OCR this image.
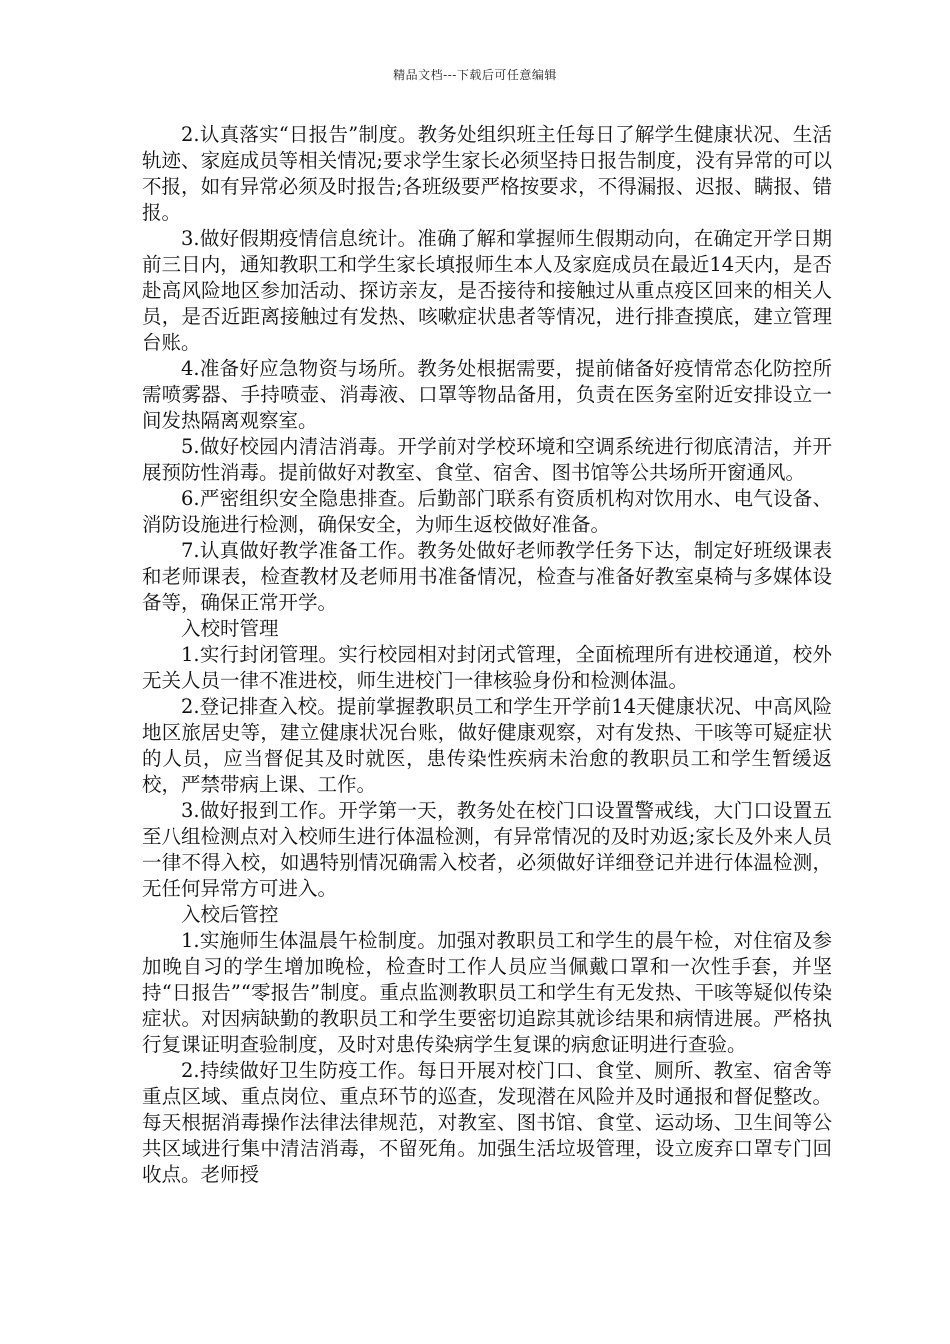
精品文档---下载后可任意编辑

2.认真落实“日报告”制度。教务处组织班主任每日了解学生健康状况、生活轨迹、家庭成员等相关情况;要求学生家长必须坚持日报告制度，没有异常的可以不报，如有异常必须及时报告;各班级要严格按要求，不得漏报、迟报、瞒报、错报。

3.做好假期疫情信息统计。准确了解和掌握师生假期动向，在确定开学日期前三日内，通知教职工和学生家长填报师生本人及家庭成员在最近14天内，是否赴高风险地区参加活动、探访亲友，是否接待和接触过从重点疫区回来的相关人员，是否近距离接触过有发热、咳嗽症状患者等情况，进行排查摸底，建立管理台账。

4.准备好应急物资与场所。教务处根据需要，提前储备好疫情常态化防控所需喷雾器、手持喷壶、消毒液、口罩等物品备用，负责在医务室附近安排设立一间发热隔离观察室。

5.做好校园内清洁消毒。开学前对学校环境和空调系统进行彻底清洁，并开展预防性消毒。提前做好对教室、食堂、宿舍、图书馆等公共场所开窗通风。

6.严密组织安全隐患排查。后勤部门联系有资质机构对饮用水、电气设备、消防设施进行检测，确保安全，为师生返校做好准备。

7.认真做好教学准备工作。教务处做好老师教学任务下达，制定好班级课表和老师课表，检查教材及老师用书准备情况，检查与准备好教室桌椅与多媒体设备等，确保正常开学。

入校时管理

1.实行封闭管理。实行校园相对封闭式管理，全面梳理所有进校通道，校外无关人员一律不准进校，师生进校门一律核验身份和检测体温。

2.登记排查入校。提前掌握教职员工和学生开学前14天健康状况、中高风险地区旅居史等，建立健康状况台账，做好健康观察，对有发热、干咳等可疑症状的人员，应当督促其及时就医，患传染性疾病未治愈的教职员工和学生暂缓返校，严禁带病上课、工作。

3.做好报到工作。开学第一天，教务处在校门口设置警戒线，大门口设置五至八组检测点对入校师生进行体温检测，有异常情况的及时劝返;家长及外来人员一律不得入校，如遇特别情况确需入校者，必须做好详细登记并进行体温检测，无任何异常方可进入。

入校后管控

1.实施师生体温晨午检制度。加强对教职员工和学生的晨午检，对住宿及参加晚自习的学生增加晚检，检查时工作人员应当佩戴口罩和一次性手套，并坚持“日报告”“零报告”制度。重点监测教职员工和学生有无发热、干咳等疑似传染症状。对因病缺勤的教职员工和学生要密切追踪其就诊结果和病情进展。严格执行复课证明查验制度，及时对患传染病学生复课的病愈证明进行查验。

2.持续做好卫生防疫工作。每日开展对校门口、食堂、厕所、教室、宿舍等重点区域、重点岗位、重点环节的巡查，发现潜在风险并及时通报和督促整改。每天根据消毒操作法律法律规范，对教室、图书馆、食堂、运动场、卫生间等公共区域进行集中清洁消毒，不留死角。加强生活垃圾管理，设立废弃口罩专门回收点。老师授
